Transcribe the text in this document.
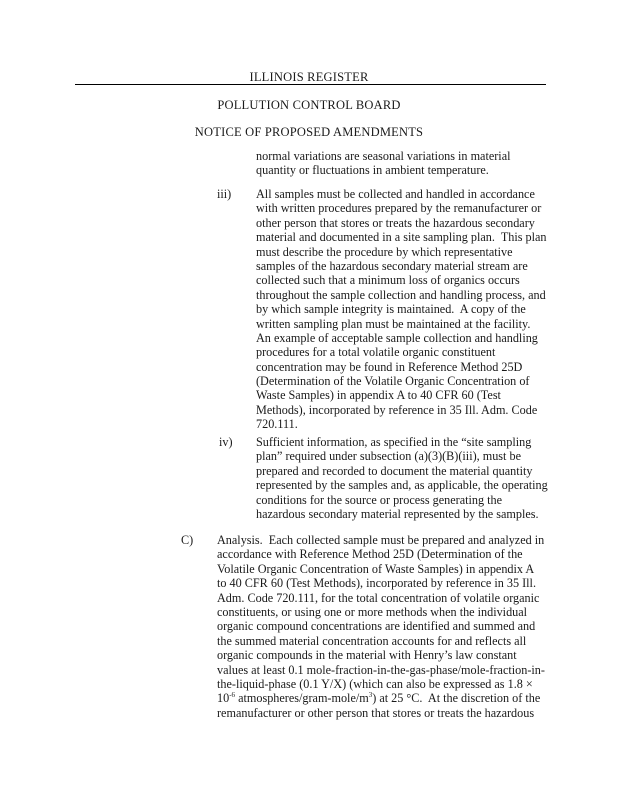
ILLINOIS REGISTER
POLLUTION CONTROL BOARD
NOTICE OF PROPOSED AMENDMENTS
normal variations are seasonal variations in material
quantity or fluctuations in ambient temperature.
iii) All samples must be collected and handled in accordance
with written procedures prepared by the remanufacturer or
other person that stores or treats the hazardous secondary
material and documented in a site sampling plan.  This plan
must describe the procedure by which representative
samples of the hazardous secondary material stream are
collected such that a minimum loss of organics occurs
throughout the sample collection and handling process, and
by which sample integrity is maintained.  A copy of the
written sampling plan must be maintained at the facility.
An example of acceptable sample collection and handling
procedures for a total volatile organic constituent
concentration may be found in Reference Method 25D
(Determination of the Volatile Organic Concentration of
Waste Samples) in appendix A to 40 CFR 60 (Test
Methods), incorporated by reference in 35 Ill. Adm. Code
720.111.
iv) Sufficient information, as specified in the “site sampling
plan” required under subsection (a)(3)(B)(iii), must be
prepared and recorded to document the material quantity
represented by the samples and, as applicable, the operating
conditions for the source or process generating the
hazardous secondary material represented by the samples.
C) Analysis.  Each collected sample must be prepared and analyzed in
accordance with Reference Method 25D (Determination of the
Volatile Organic Concentration of Waste Samples) in appendix A
to 40 CFR 60 (Test Methods), incorporated by reference in 35 Ill.
Adm. Code 720.111, for the total concentration of volatile organic
constituents, or using one or more methods when the individual
organic compound concentrations are identified and summed and
the summed material concentration accounts for and reflects all
organic compounds in the material with Henry’s law constant
values at least 0.1 mole-fraction-in-the-gas-phase/mole-fraction-in-
the-liquid-phase (0.1 Y/X) (which can also be expressed as 1.8 ×
$10^{-6}$ atmospheres/$gram-mole/m^3$) at 25 °C.  At the discretion of the
remanufacturer or other person that stores or treats the hazardous
